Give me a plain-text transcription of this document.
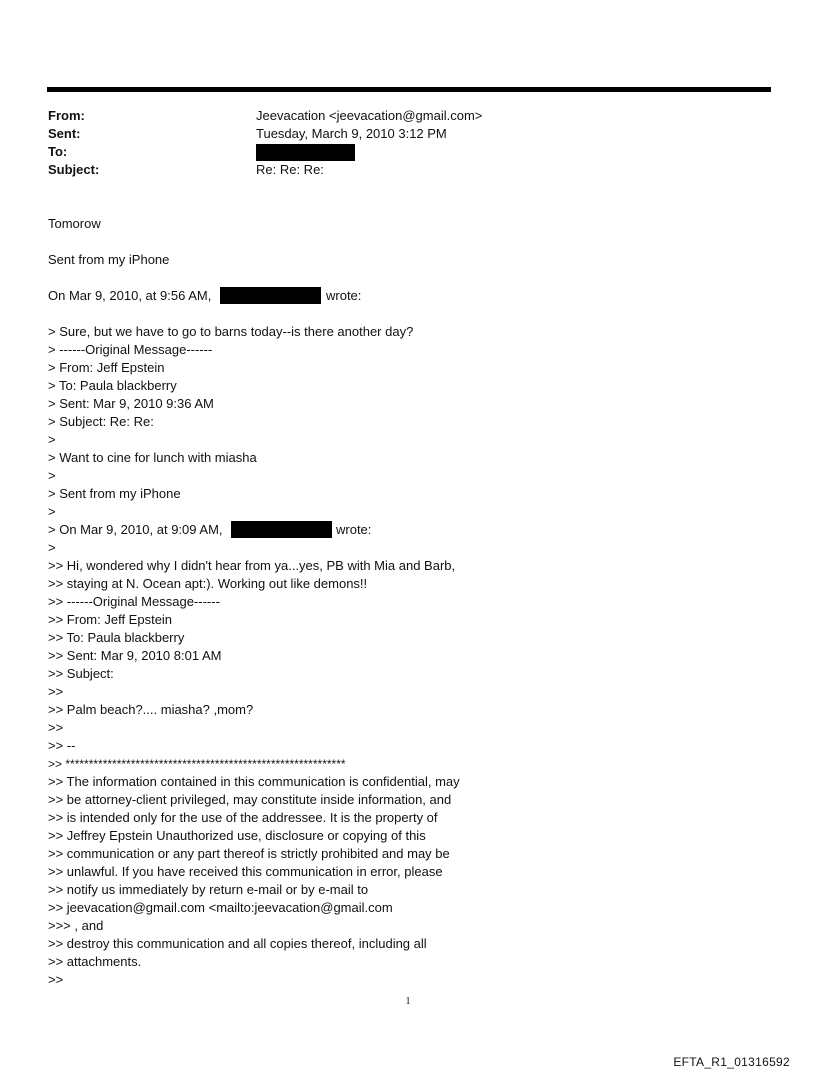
From:	Jeevacation <jeevacation@gmail.com>
Sent:	Tuesday, March 9, 2010 3:12 PM
To:
Subject:	Re: Re: Re:
Tomorow
Sent from my iPhone
On Mar 9, 2010, at 9:56 AM,	wrote:
> Sure, but we have to go to barns today--is there another day?
> ------Original Message------
> From: Jeff Epstein
> To: Paula blackberry
> Sent: Mar 9, 2010 9:36 AM
> Subject: Re: Re:
>
> Want to cine for lunch with miasha
>
> Sent from my iPhone
>
> On Mar 9, 2010, at 9:09 AM,	wrote:
>
>> Hi, wondered why I didn't hear from ya...yes, PB with Mia and Barb,
>> staying at N. Ocean apt:). Working out like demons!!
>> ------Original Message------
>> From: Jeff Epstein
>> To: Paula blackberry
>> Sent: Mar 9, 2010 8:01 AM
>> Subject:
>>
>> Palm beach?.... miasha? ,mom?
>>
>> --
>> ************************************************************
>> The information contained in this communication is confidential, may
>> be attorney-client privileged, may constitute inside information, and
>> is intended only for the use of the addressee. It is the property of
>> Jeffrey Epstein Unauthorized use, disclosure or copying of this
>> communication or any part thereof is strictly prohibited and may be
>> unlawful. If you have received this communication in error, please
>> notify us immediately by return e-mail or by e-mail to
>> jeevacation@gmail.com <mailto:jeevacation@gmail.com
>>> , and
>> destroy this communication and all copies thereof, including all
>> attachments.
>>
1
EFTA_R1_01316592
